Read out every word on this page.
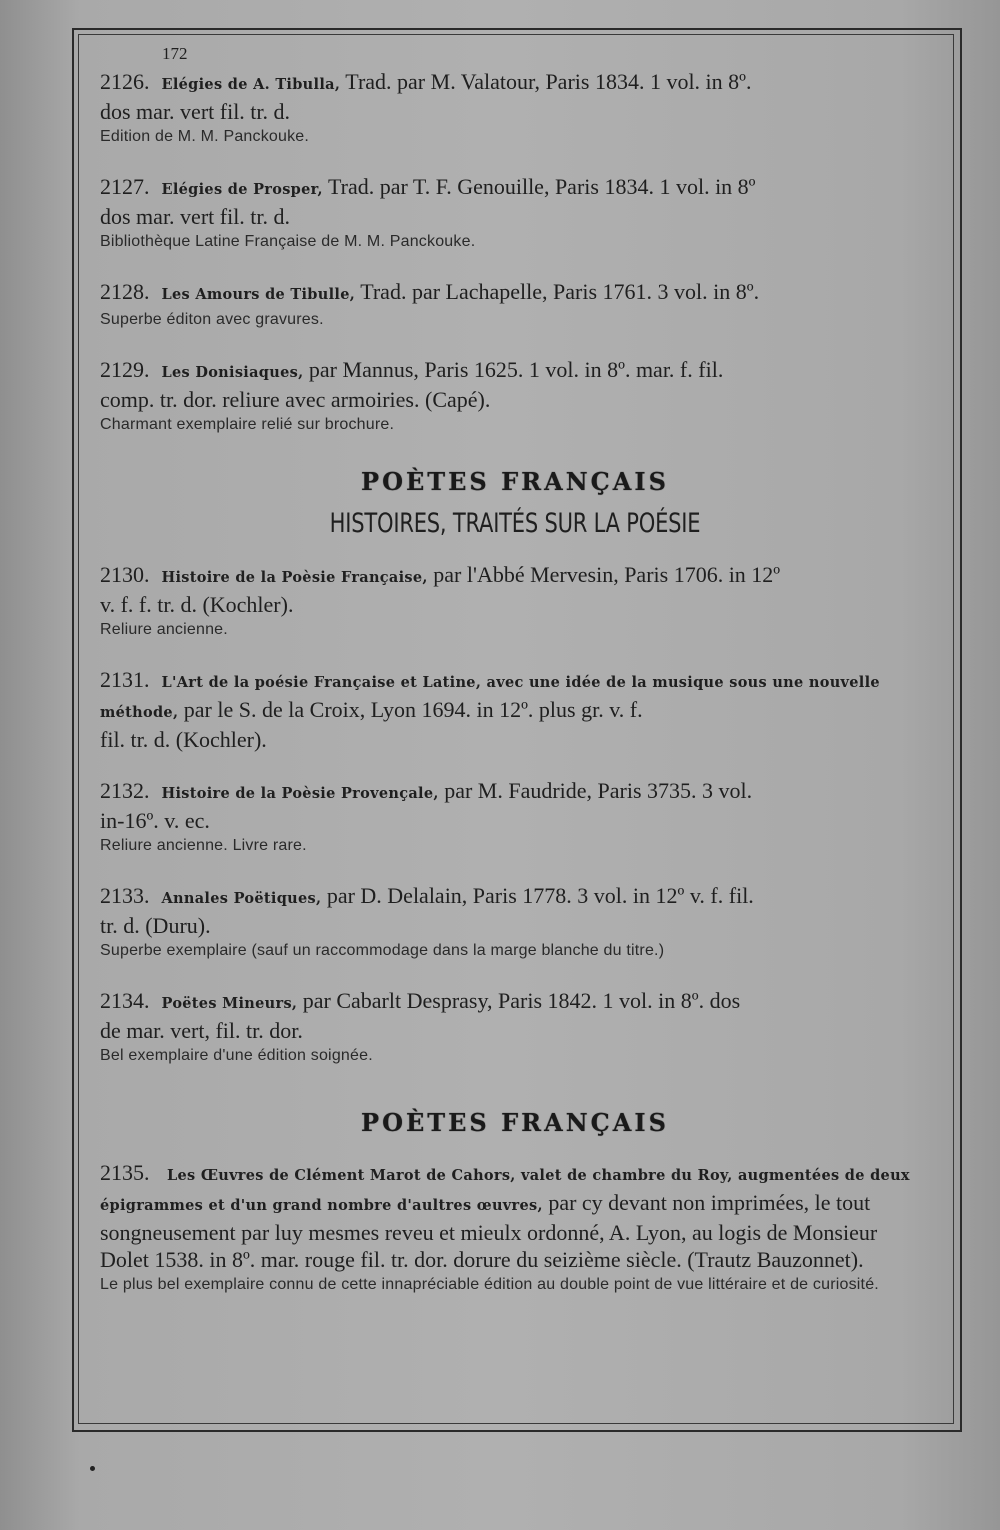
172
2126. Elégies de A. Tibulla, Trad. par M. Valatour, Paris 1834. 1 vol. in 8º.
dos mar. vert fil. tr. d.
Edition de M. M. Panckouke.
2127. Elégies de Prosper, Trad. par T. F. Genouille, Paris 1834. 1 vol. in 8º
dos mar. vert fil. tr. d.
Bibliothèque Latine Française de M. M. Panckouke.
2128. Les Amours de Tibulle, Trad. par Lachapelle, Paris 1761. 3 vol. in 8º.
Superbe éditon avec gravures.
2129. Les Donisiaques, par Mannus, Paris 1625. 1 vol. in 8º. mar. f. fil.
comp. tr. dor. reliure avec armoiries. (Capé).
Charmant exemplaire relié sur brochure.
POÈTES FRANÇAIS
HISTOIRES, TRAITÉS SUR LA POÉSIE
2130. Histoire de la Poèsie Française, par l'Abbé Mervesin, Paris 1706. in 12º
v. f. f. tr. d. (Kochler).
Reliure ancienne.
2131. L'Art de la poésie Française et Latine, avec une idée de la musique sous une nouvelle méthode, par le S. de la Croix, Lyon 1694. in 12º. plus gr. v. f.
fil. tr. d. (Kochler).
2132. Histoire de la Poèsie Provençale, par M. Faudride, Paris 3735. 3 vol.
in-16º. v. ec.
Reliure ancienne. Livre rare.
2133. Annales Poëtiques, par D. Delalain, Paris 1778. 3 vol. in 12º v. f. fil.
tr. d. (Duru).
Superbe exemplaire (sauf un raccommodage dans la marge blanche du titre.)
2134. Poëtes Mineurs, par Cabarlt Desprasy, Paris 1842. 1 vol. in 8º. dos
de mar. vert, fil. tr. dor.
Bel exemplaire d'une édition soignée.
POÈTES FRANÇAIS
2135. Les Œuvres de Clément Marot de Cahors, valet de chambre du Roy, augmentées de deux épigrammes et d'un grand nombre d'aultres œuvres, par cy devant non imprimées, le tout songneusement par luy mesmes reveu et mieulx ordonné, A. Lyon, au logis de Monsieur Dolet 1538. in 8º. mar. rouge fil. tr. dor. dorure du seizième siècle. (Trautz Bauzonnet).
Le plus bel exemplaire connu de cette innapréciable édition au double point de vue littéraire et de curiosité.
